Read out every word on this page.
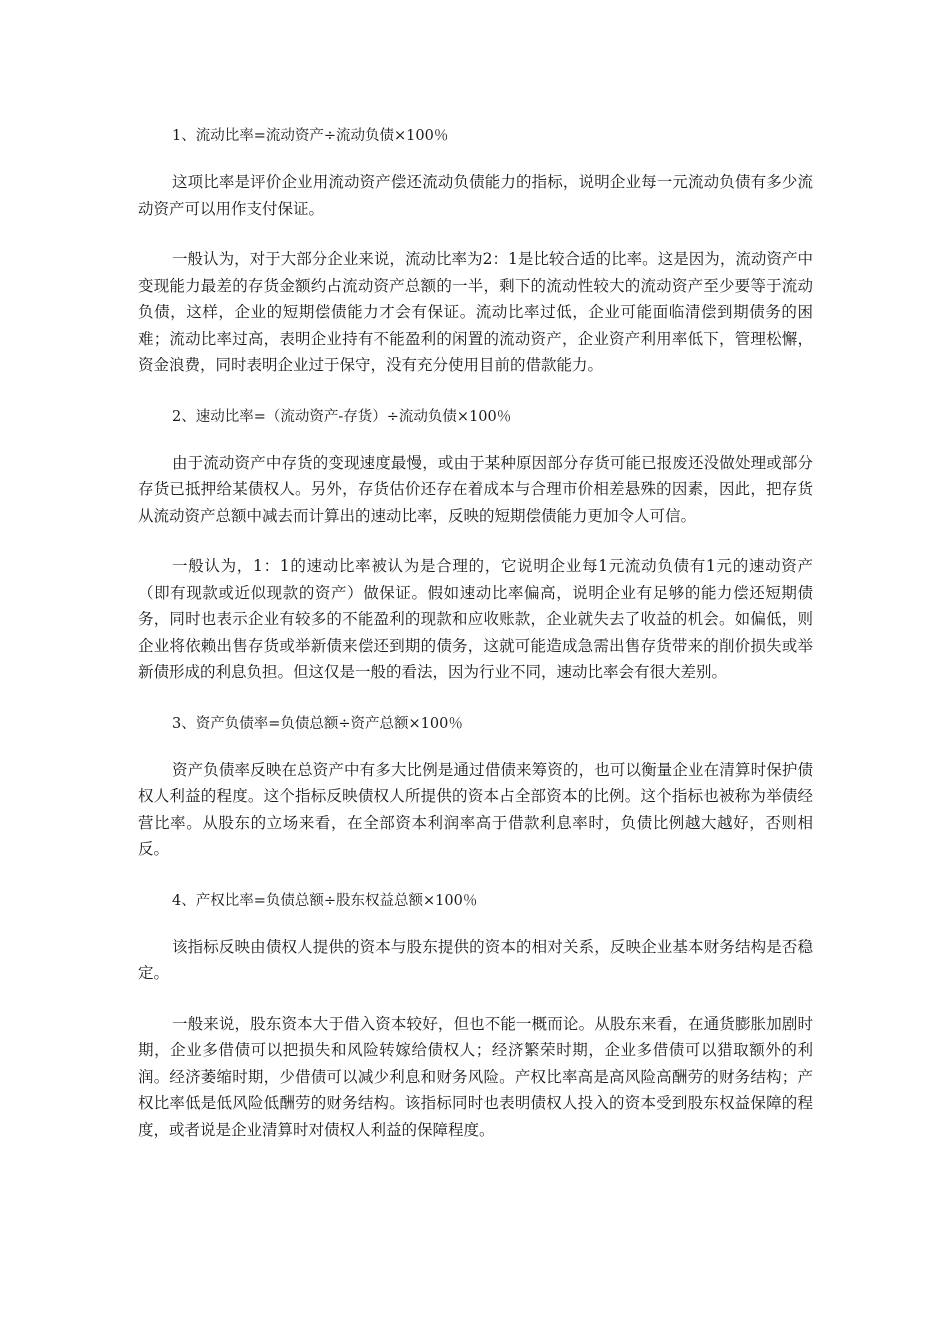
1、流动比率=流动资产÷流动负债×100％

这项比率是评价企业用流动资产偿还流动负债能力的指标，说明企业每一元流动负债有多少流动资产可以用作支付保证。

一般认为，对于大部分企业来说，流动比率为2：1是比较合适的比率。这是因为，流动资产中变现能力最差的存货金额约占流动资产总额的一半，剩下的流动性较大的流动资产至少要等于流动负债，这样，企业的短期偿债能力才会有保证。流动比率过低，企业可能面临清偿到期债务的困难；流动比率过高，表明企业持有不能盈利的闲置的流动资产，企业资产利用率低下，管理松懈，资金浪费，同时表明企业过于保守，没有充分使用目前的借款能力。

2、速动比率=（流动资产-存货）÷流动负债×100％

由于流动资产中存货的变现速度最慢，或由于某种原因部分存货可能已报废还没做处理或部分存货已抵押给某债权人。另外，存货估价还存在着成本与合理市价相差悬殊的因素，因此，把存货从流动资产总额中减去而计算出的速动比率，反映的短期偿债能力更加令人可信。

一般认为，1：1的速动比率被认为是合理的，它说明企业每1元流动负债有1元的速动资产（即有现款或近似现款的资产）做保证。假如速动比率偏高，说明企业有足够的能力偿还短期债务，同时也表示企业有较多的不能盈利的现款和应收账款，企业就失去了收益的机会。如偏低，则企业将依赖出售存货或举新债来偿还到期的债务，这就可能造成急需出售存货带来的削价损失或举新债形成的利息负担。但这仅是一般的看法，因为行业不同，速动比率会有很大差别。

3、资产负债率=负债总额÷资产总额×100％

资产负债率反映在总资产中有多大比例是通过借债来筹资的，也可以衡量企业在清算时保护债权人利益的程度。这个指标反映债权人所提供的资本占全部资本的比例。这个指标也被称为举债经营比率。从股东的立场来看，在全部资本利润率高于借款利息率时，负债比例越大越好，否则相反。

4、产权比率=负债总额÷股东权益总额×100％

该指标反映由债权人提供的资本与股东提供的资本的相对关系，反映企业基本财务结构是否稳定。

一般来说，股东资本大于借入资本较好，但也不能一概而论。从股东来看，在通货膨胀加剧时期，企业多借债可以把损失和风险转嫁给债权人；经济繁荣时期，企业多借债可以猎取额外的利润。经济萎缩时期，少借债可以减少利息和财务风险。产权比率高是高风险高酬劳的财务结构；产权比率低是低风险低酬劳的财务结构。该指标同时也表明债权人投入的资本受到股东权益保障的程度，或者说是企业清算时对债权人利益的保障程度。
